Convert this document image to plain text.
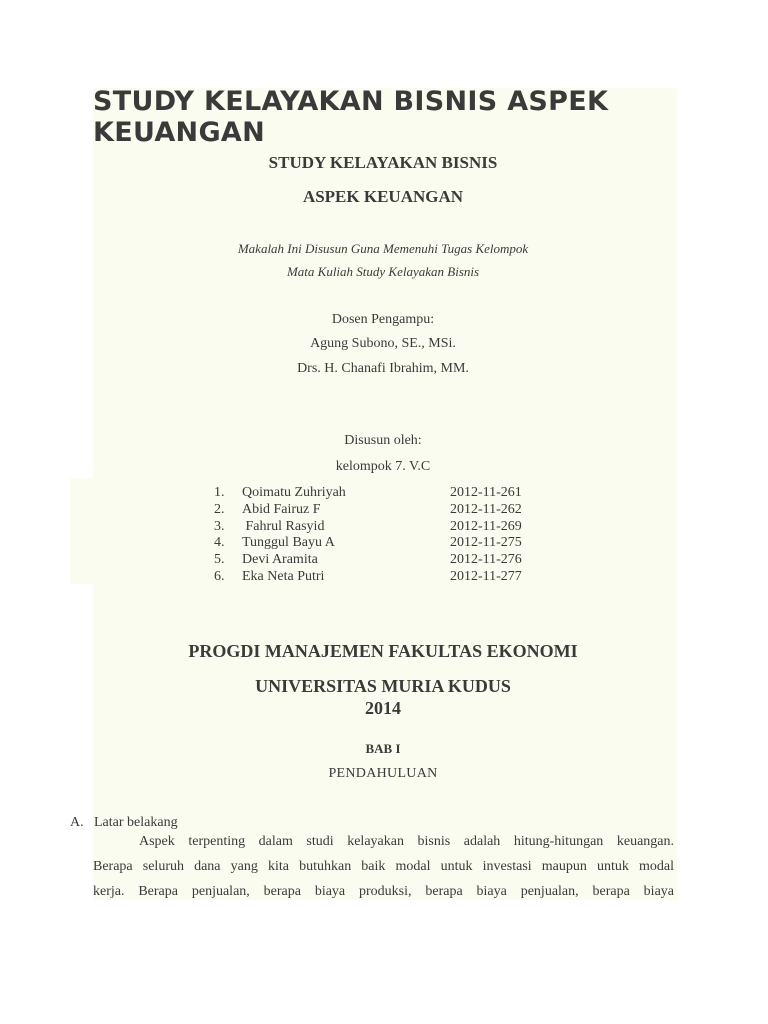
STUDY KELAYAKAN BISNIS ASPEK KEUANGAN

STUDY KELAYAKAN BISNIS

ASPEK KEUANGAN

Makalah Ini Disusun Guna Memenuhi Tugas Kelompok

Mata Kuliah Study Kelayakan Bisnis

Dosen Pengampu:

Agung Subono, SE., MSi.

Drs. H. Chanafi Ibrahim, MM.

Disusun oleh:

kelompok 7. V.C

1.	Qoimatu Zuhriyah	2012-11-261
2.	Abid Fairuz F	2012-11-262
3.	Fahrul Rasyid	2012-11-269
4.	Tunggul Bayu A	2012-11-275
5.	Devi Aramita	2012-11-276
6.	Eka Neta Putri	2012-11-277

PROGDI MANAJEMEN FAKULTAS EKONOMI

UNIVERSITAS MURIA KUDUS

2014

BAB I

PENDAHULUAN

A. Latar belakang
Aspek terpenting dalam studi kelayakan bisnis adalah hitung-hitungan keuangan.
Berapa seluruh dana yang kita butuhkan baik modal untuk investasi maupun untuk modal
kerja. Berapa penjualan, berapa biaya produksi, berapa biaya penjualan, berapa biaya
